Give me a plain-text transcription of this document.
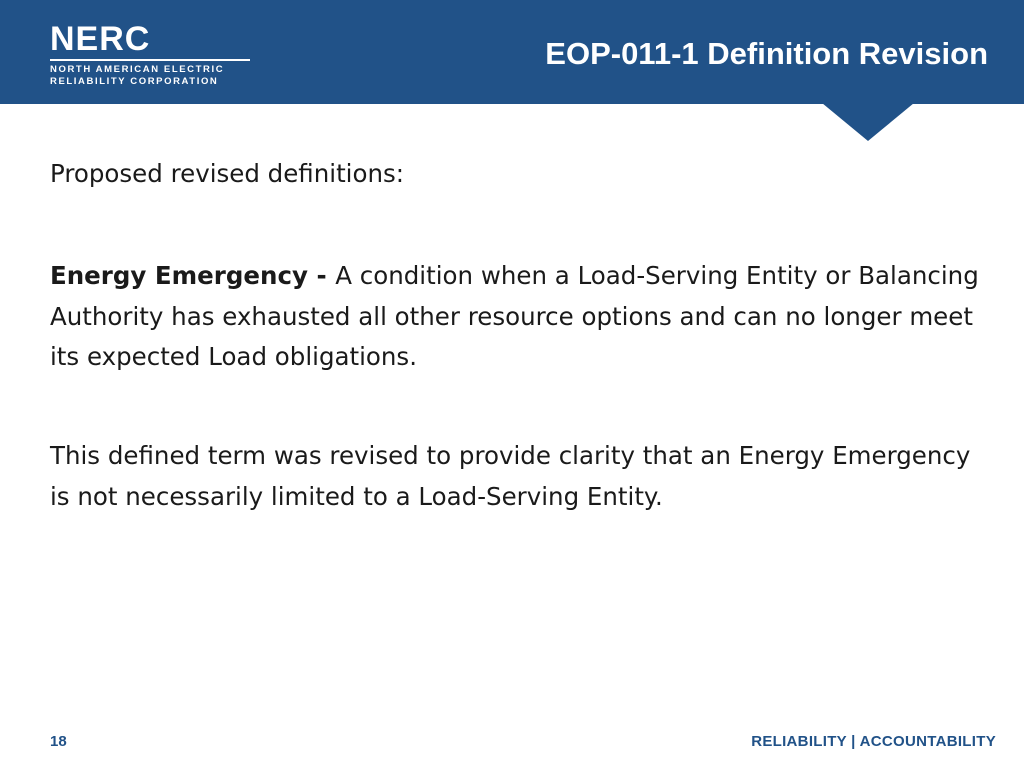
NERC
NORTH AMERICAN ELECTRIC
RELIABILITY CORPORATION
EOP-011-1 Definition Revision
Proposed revised definitions:
Energy Emergency - A condition when a Load-Serving Entity or Balancing Authority has exhausted all other resource options and can no longer meet its expected Load obligations.
This defined term was revised to provide clarity that an Energy Emergency is not necessarily limited to a Load-Serving Entity.
18	RELIABILITY | ACCOUNTABILITY
